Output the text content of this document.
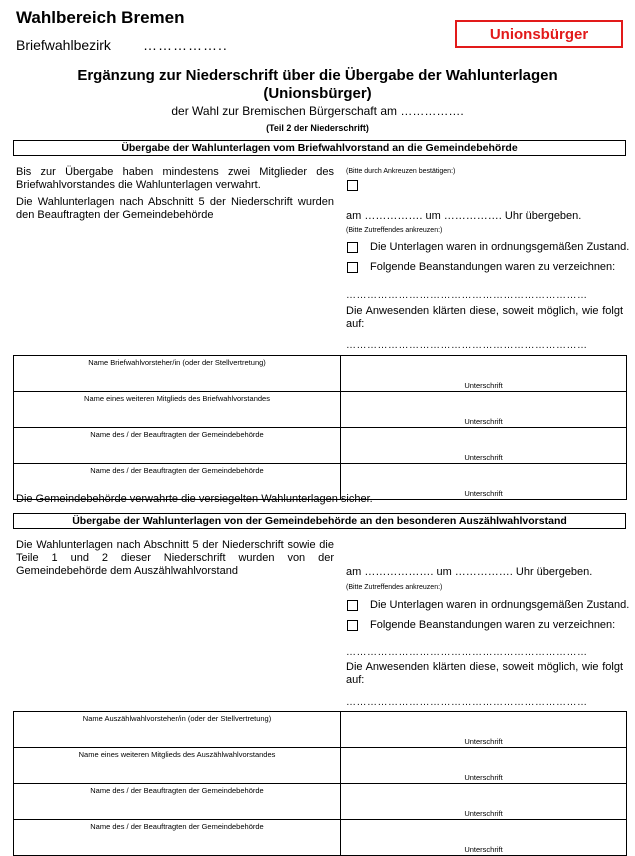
Wahlbereich Bremen
Briefwahlbezirk ……………..
Unionsbürger
Ergänzung zur Niederschrift über die Übergabe der Wahlunterlagen
(Unionsbürger)
der Wahl zur Bremischen Bürgerschaft am …………….
(Teil 2 der Niederschrift)
Übergabe der Wahlunterlagen vom Briefwahlvorstand an die Gemeindebehörde
Bis zur Übergabe haben mindestens zwei Mitglieder des Briefwahlvorstandes die Wahlunterlagen verwahrt.
Die Wahlunterlagen nach Abschnitt 5 der Niederschrift wurden den Beauftragten der Gemeindebehörde
(Bitte durch Ankreuzen bestätigen:)
am ……………. um ……………. Uhr übergeben.
(Bitte Zutreffendes ankreuzen:)
Die Unterlagen waren in ordnungsgemäßen Zustand.
Folgende Beanstandungen waren zu verzeichnen:
……………………………………………………………
Die Anwesenden klärten diese, soweit möglich, wie folgt auf:
……………………………………………………………
Name Briefwahlvorsteher/in (oder der Stellvertretung)	Unterschrift
Name eines weiteren Mitglieds des Briefwahlvorstandes	Unterschrift
Name des / der Beauftragten der Gemeindebehörde	Unterschrift
Name des / der Beauftragten der Gemeindebehörde	Unterschrift
Die Gemeindebehörde verwahrte die versiegelten Wahlunterlagen sicher.
Übergabe der Wahlunterlagen von der Gemeindebehörde an den besonderen Auszählwahlvorstand
Die Wahlunterlagen nach Abschnitt 5 der Niederschrift sowie die Teile 1 und 2 dieser Niederschrift wurden von der Gemeindebehörde dem Auszählwahlvorstand	am ………………. um ……………. Uhr übergeben.
(Bitte Zutreffendes ankreuzen:)
Die Unterlagen waren in ordnungsgemäßen Zustand.
Folgende Beanstandungen waren zu verzeichnen:
……………………………………………………………
Die Anwesenden klärten diese, soweit möglich, wie folgt auf:
……………………………………………………………
Name Auszählwahlvorsteher/in (oder der Stellvertretung)	Unterschrift
Name eines weiteren Mitglieds des Auszählwahlvorstandes	Unterschrift
Name des / der Beauftragten der Gemeindebehörde	Unterschrift
Name des / der Beauftragten der Gemeindebehörde	Unterschrift
